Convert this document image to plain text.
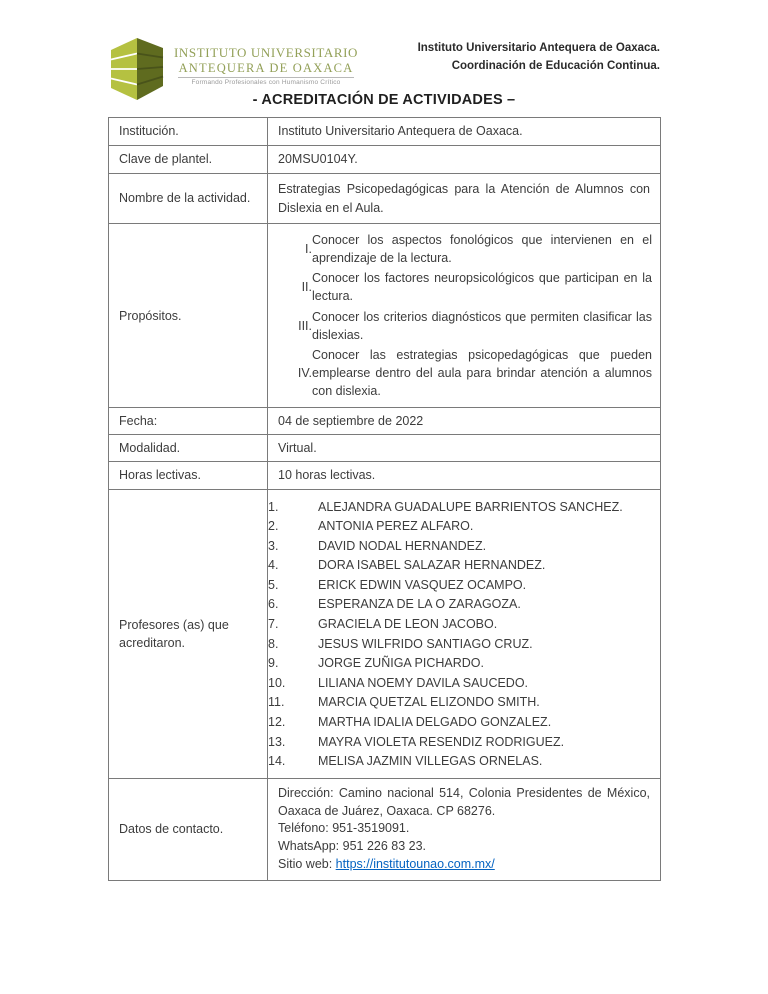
INSTITUTO UNIVERSITARIO
ANTEQUERA DE OAXACA
Formando Profesionales con Humanismo Crítico
Instituto Universitario Antequera de Oaxaca.
Coordinación de Educación Continua.
- ACREDITACIÓN DE ACTIVIDADES –
Institución.	Instituto Universitario Antequera de Oaxaca.
Clave de plantel.	20MSU0104Y.
Nombre de la actividad.	Estrategias Psicopedagógicas para la Atención de Alumnos con Dislexia en el Aula.
Propósitos.	
I.	Conocer los aspectos fonológicos que intervienen en el aprendizaje de la lectura.
II.	Conocer los factores neuropsicológicos que participan en la lectura.
III.	Conocer los criterios diagnósticos que permiten clasificar las dislexias.
IV.	Conocer las estrategias psicopedagógicas que pueden emplearse dentro del aula para brindar atención a alumnos con dislexia.

Fecha:	04 de septiembre de 2022
Modalidad.	Virtual.
Horas lectivas.	10 horas lectivas.
Profesores (as) que acreditaron.	
1.	ALEJANDRA GUADALUPE BARRIENTOS SANCHEZ.
2.	ANTONIA PEREZ ALFARO.
3.	DAVID NODAL HERNANDEZ.
4.	DORA ISABEL SALAZAR HERNANDEZ.
5.	ERICK EDWIN VASQUEZ OCAMPO.
6.	ESPERANZA DE LA O ZARAGOZA.
7.	GRACIELA DE LEON JACOBO.
8.	JESUS WILFRIDO SANTIAGO CRUZ.
9.	JORGE ZUÑIGA PICHARDO.
10.	LILIANA NOEMY DAVILA SAUCEDO.
11.	MARCIA QUETZAL ELIZONDO SMITH.
12.	MARTHA IDALIA DELGADO GONZALEZ.
13.	MAYRA VIOLETA RESENDIZ RODRIGUEZ.
14.	MELISA JAZMIN VILLEGAS ORNELAS.

Datos de contacto.	
Dirección: Camino nacional 514, Colonia Presidentes de México, Oaxaca de Juárez, Oaxaca. CP 68276.
Teléfono: 951-3519091.
WhatsApp: 951 226 83 23.
Sitio web: https://institutounao.com.mx/
